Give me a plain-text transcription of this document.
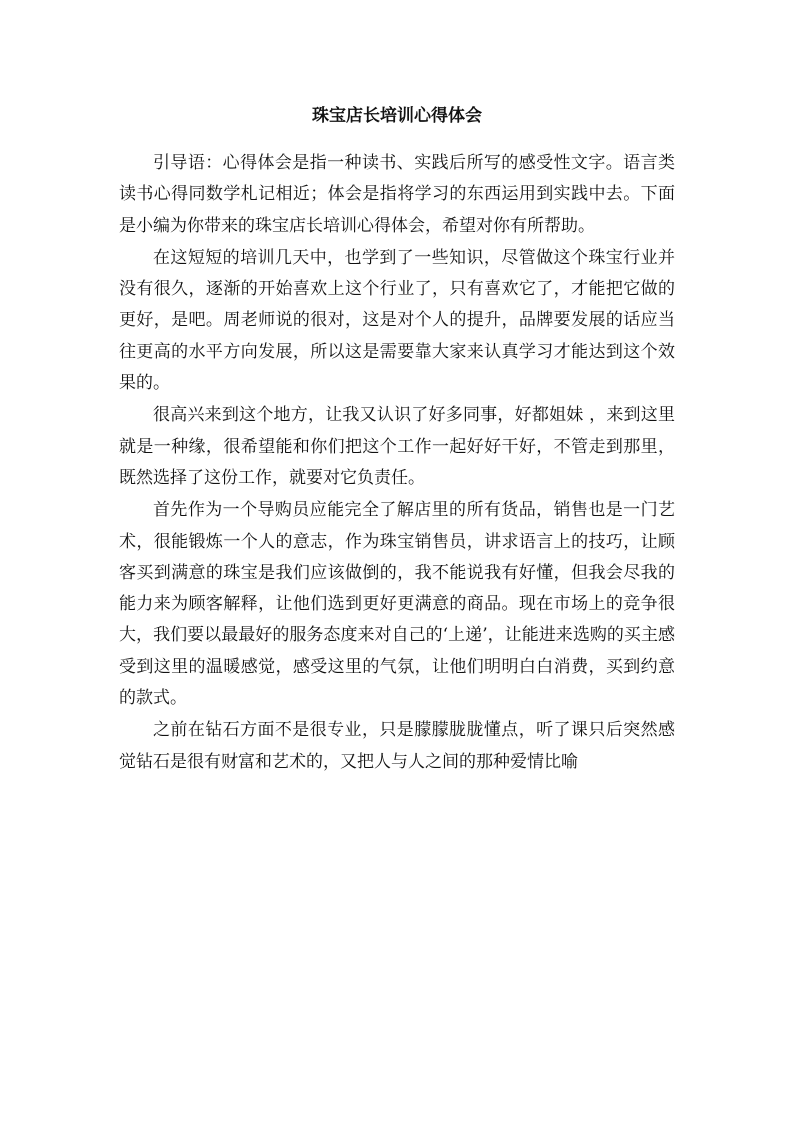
珠宝店长培训心得体会

引导语：心得体会是指一种读书、实践后所写的感受性文字。语言类读书心得同数学札记相近；体会是指将学习的东西运用到实践中去。下面是小编为你带来的珠宝店长培训心得体会，希望对你有所帮助。

在这短短的培训几天中，也学到了一些知识，尽管做这个珠宝行业并没有很久，逐渐的开始喜欢上这个行业了，只有喜欢它了，才能把它做的更好，是吧。周老师说的很对，这是对个人的提升，品牌要发展的话应当往更高的水平方向发展，所以这是需要靠大家来认真学习才能达到这个效果的。

很高兴来到这个地方，让我又认识了好多同事，好都姐妹 ，来到这里就是一种缘，很希望能和你们把这个工作一起好好干好，不管走到那里，既然选择了这份工作，就要对它负责任。

首先作为一个导购员应能完全了解店里的所有货品，销售也是一门艺术，很能锻炼一个人的意志，作为珠宝销售员，讲求语言上的技巧，让顾客买到满意的珠宝是我们应该做倒的，我不能说我有好懂，但我会尽我的能力来为顾客解释，让他们选到更好更满意的商品。现在市场上的竞争很大，我们要以最最好的服务态度来对自己的‘上递’，让能进来选购的买主感受到这里的温暖感觉，感受这里的气氛，让他们明明白白消费，买到约意的款式。

之前在钻石方面不是很专业，只是朦朦胧胧懂点，听了课只后突然感觉钻石是很有财富和艺术的，又把人与人之间的那种爱情比喻
